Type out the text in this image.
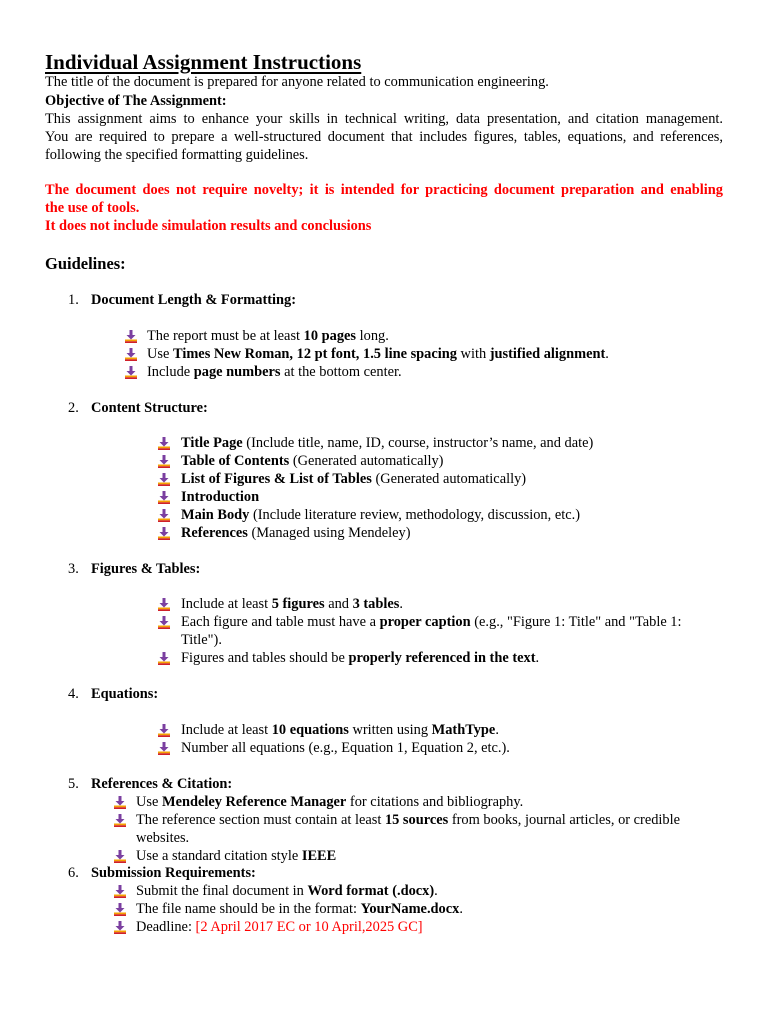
Individual Assignment Instructions
The title of the document is prepared for anyone related to communication engineering.
Objective of The Assignment:
This assignment aims to enhance your skills in technical writing, data presentation, and citation management.
You are required to prepare a well-structured document that includes figures, tables, equations, and references,
following the specified formatting guidelines.
The document does not require novelty; it is intended for practicing document preparation and enabling
the use of tools.
It does not include simulation results and conclusions
Guidelines:
1. Document Length & Formatting:
The report must be at least 10 pages long.
Use Times New Roman, 12 pt font, 1.5 line spacing with justified alignment.
Include page numbers at the bottom center.
2. Content Structure:
Title Page (Include title, name, ID, course, instructor’s name, and date)
Table of Contents (Generated automatically)
List of Figures & List of Tables (Generated automatically)
Introduction
Main Body (Include literature review, methodology, discussion, etc.)
References (Managed using Mendeley)
3. Figures & Tables:
Include at least 5 figures and 3 tables.
Each figure and table must have a proper caption (e.g., "Figure 1: Title" and "Table 1: Title").
Figures and tables should be properly referenced in the text.
4. Equations:
Include at least 10 equations written using MathType.
Number all equations (e.g., Equation 1, Equation 2, etc.).
5. References & Citation:
Use Mendeley Reference Manager for citations and bibliography.
The reference section must contain at least 15 sources from books, journal articles, or credible websites.
Use a standard citation style IEEE
6. Submission Requirements:
Submit the final document in Word format (.docx).
The file name should be in the format: YourName.docx.
Deadline: [2 April 2017 EC or 10 April,2025 GC]
